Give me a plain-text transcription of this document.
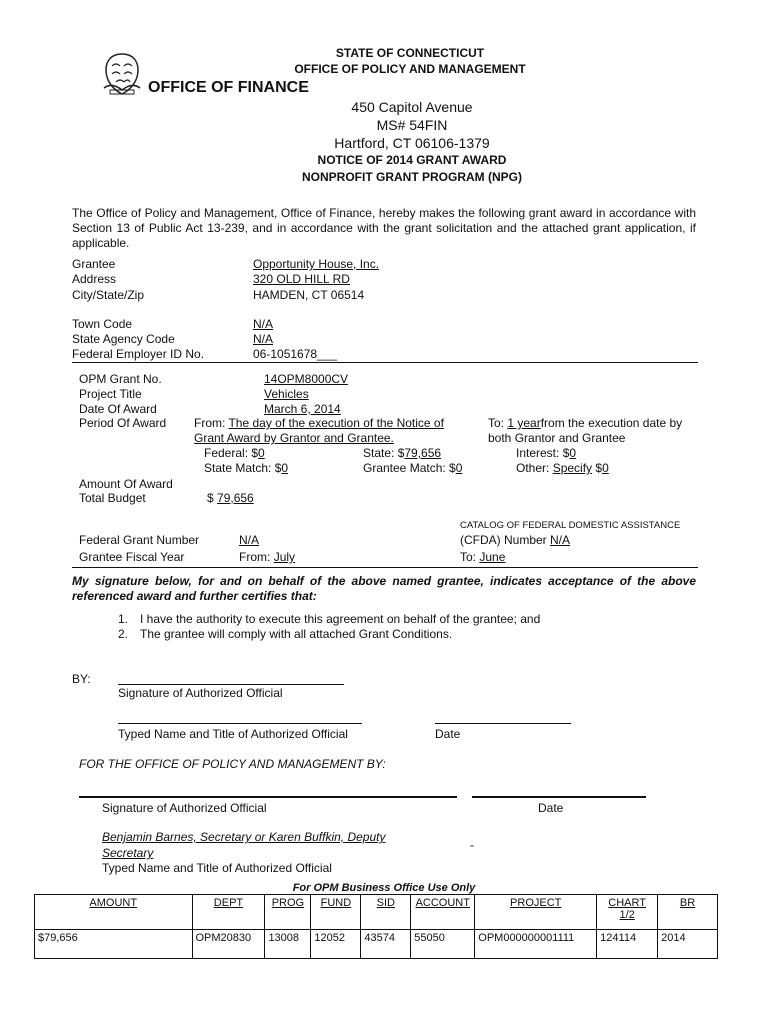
STATE OF CONNECTICUT
OFFICE OF POLICY AND MANAGEMENT
OFFICE OF FINANCE
450 Capitol Avenue
MS# 54FIN
Hartford, CT 06106-1379
NOTICE OF 2014 GRANT AWARD
NONPROFIT GRANT PROGRAM (NPG)
The Office of Policy and Management, Office of Finance, hereby makes the following grant award in accordance with Section 13 of Public Act 13-239, and in accordance with the grant solicitation and the attached grant application, if applicable.
Grantee	Opportunity House, Inc.
Address	320 OLD HILL RD
City/State/Zip	HAMDEN, CT 06514
Town Code	N/A
State Agency Code	N/A
Federal Employer ID No.	06-1051678___
OPM Grant No.	14OPM8000CV
Project Title	Vehicles
Date Of Award	March 6, 2014
Period Of Award From: The day of the execution of the Notice of
Grant Award by Grantor and Grantee.
To: 1 yearfrom the execution date by
both Grantor and Grantee
Federal: $0	State: $79,656	Interest: $0
State Match: $0	Grantee Match: $0	Other: Specify $0
Amount Of Award
Total Budget	$ 79,656
CATALOG OF FEDERAL DOMESTIC ASSISTANCE
Federal Grant Number	N/A	(CFDA) Number N/A
Grantee Fiscal Year	From: July	To: June
My signature below, for and on behalf of the above named grantee, indicates acceptance of the above referenced award and further certifies that:
1. I have the authority to execute this agreement on behalf of the grantee; and
2. The grantee will comply with all attached Grant Conditions.
BY:
Signature of Authorized Official
Typed Name and Title of Authorized Official	Date
FOR THE OFFICE OF POLICY AND MANAGEMENT BY:
Signature of Authorized Official	Date
Benjamin Barnes, Secretary or Karen Buffkin, Deputy
Secretary
-
Typed Name and Title of Authorized Official
For OPM Business Office Use Only
AMOUNT	DEPT	PROG	FUND	SID	ACCOUNT	PROJECT	CHART 1/2	BR
$79,656	OPM20830	13008	12052	43574	55050	OPM000000001111	124114	2014
